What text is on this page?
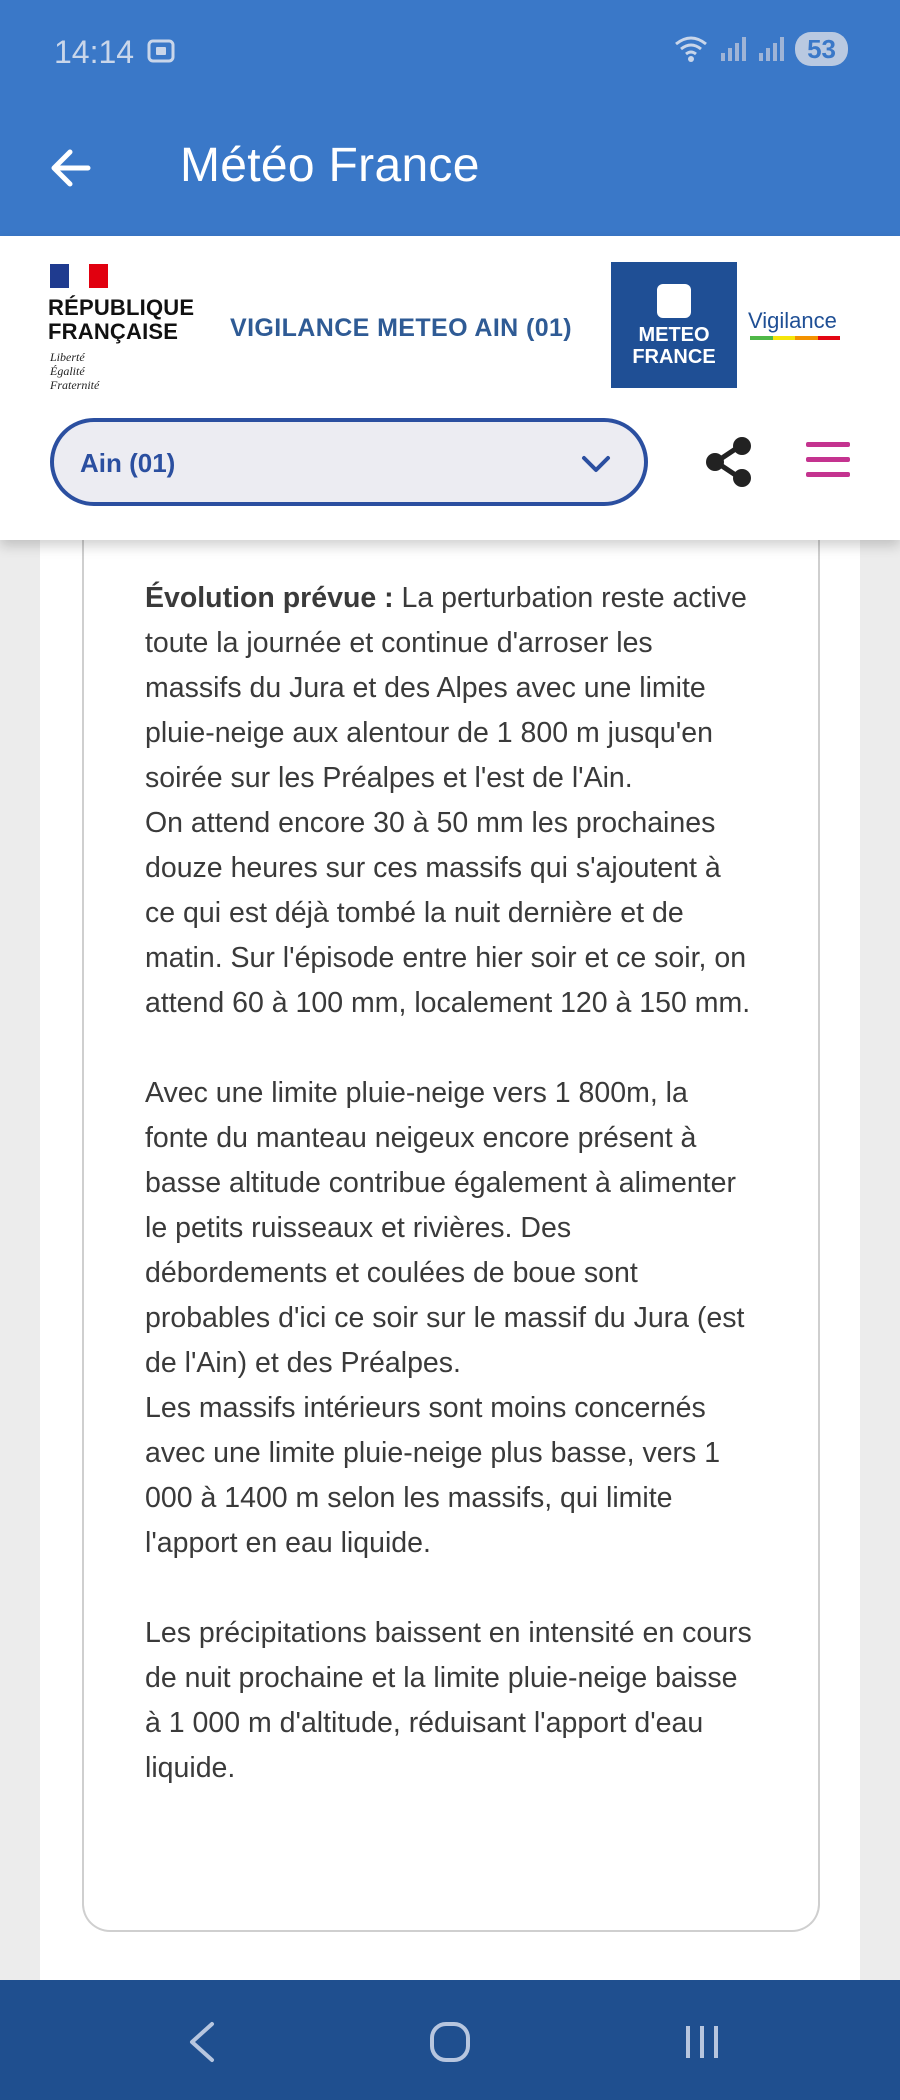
14:14	53
Météo France
RÉPUBLIQUE
FRANÇAISE
Liberté
Égalité
Fraternité
VIGILANCE METEO AIN (01)	METEO
FRANCE
Vigilance
Ain (01)

Évolution prévue : La perturbation reste active toute la journée et continue d'arroser les massifs du Jura et des Alpes avec une limite pluie-neige aux alentour de 1 800 m jusqu'en soirée sur les Préalpes et l'est de l'Ain.

On attend encore 30 à 50 mm les prochaines douze heures sur ces massifs qui s'ajoutent à ce qui est déjà tombé la nuit dernière et de matin. Sur l'épisode entre hier soir et ce soir, on attend 60 à 100 mm, localement 120 à 150 mm.

Avec une limite pluie-neige vers 1 800m, la fonte du manteau neigeux encore présent à basse altitude contribue également à alimenter le petits ruisseaux et rivières. Des débordements et coulées de boue sont probables d'ici ce soir sur le massif du Jura (est de l'Ain) et des Préalpes.

Les massifs intérieurs sont moins concernés avec une limite pluie-neige plus basse, vers 1 000 à 1400 m selon les massifs, qui limite l'apport en eau liquide.

Les précipitations baissent en intensité en cours de nuit prochaine et la limite pluie-neige baisse à 1 000 m d'altitude, réduisant l'apport d'eau liquide.
